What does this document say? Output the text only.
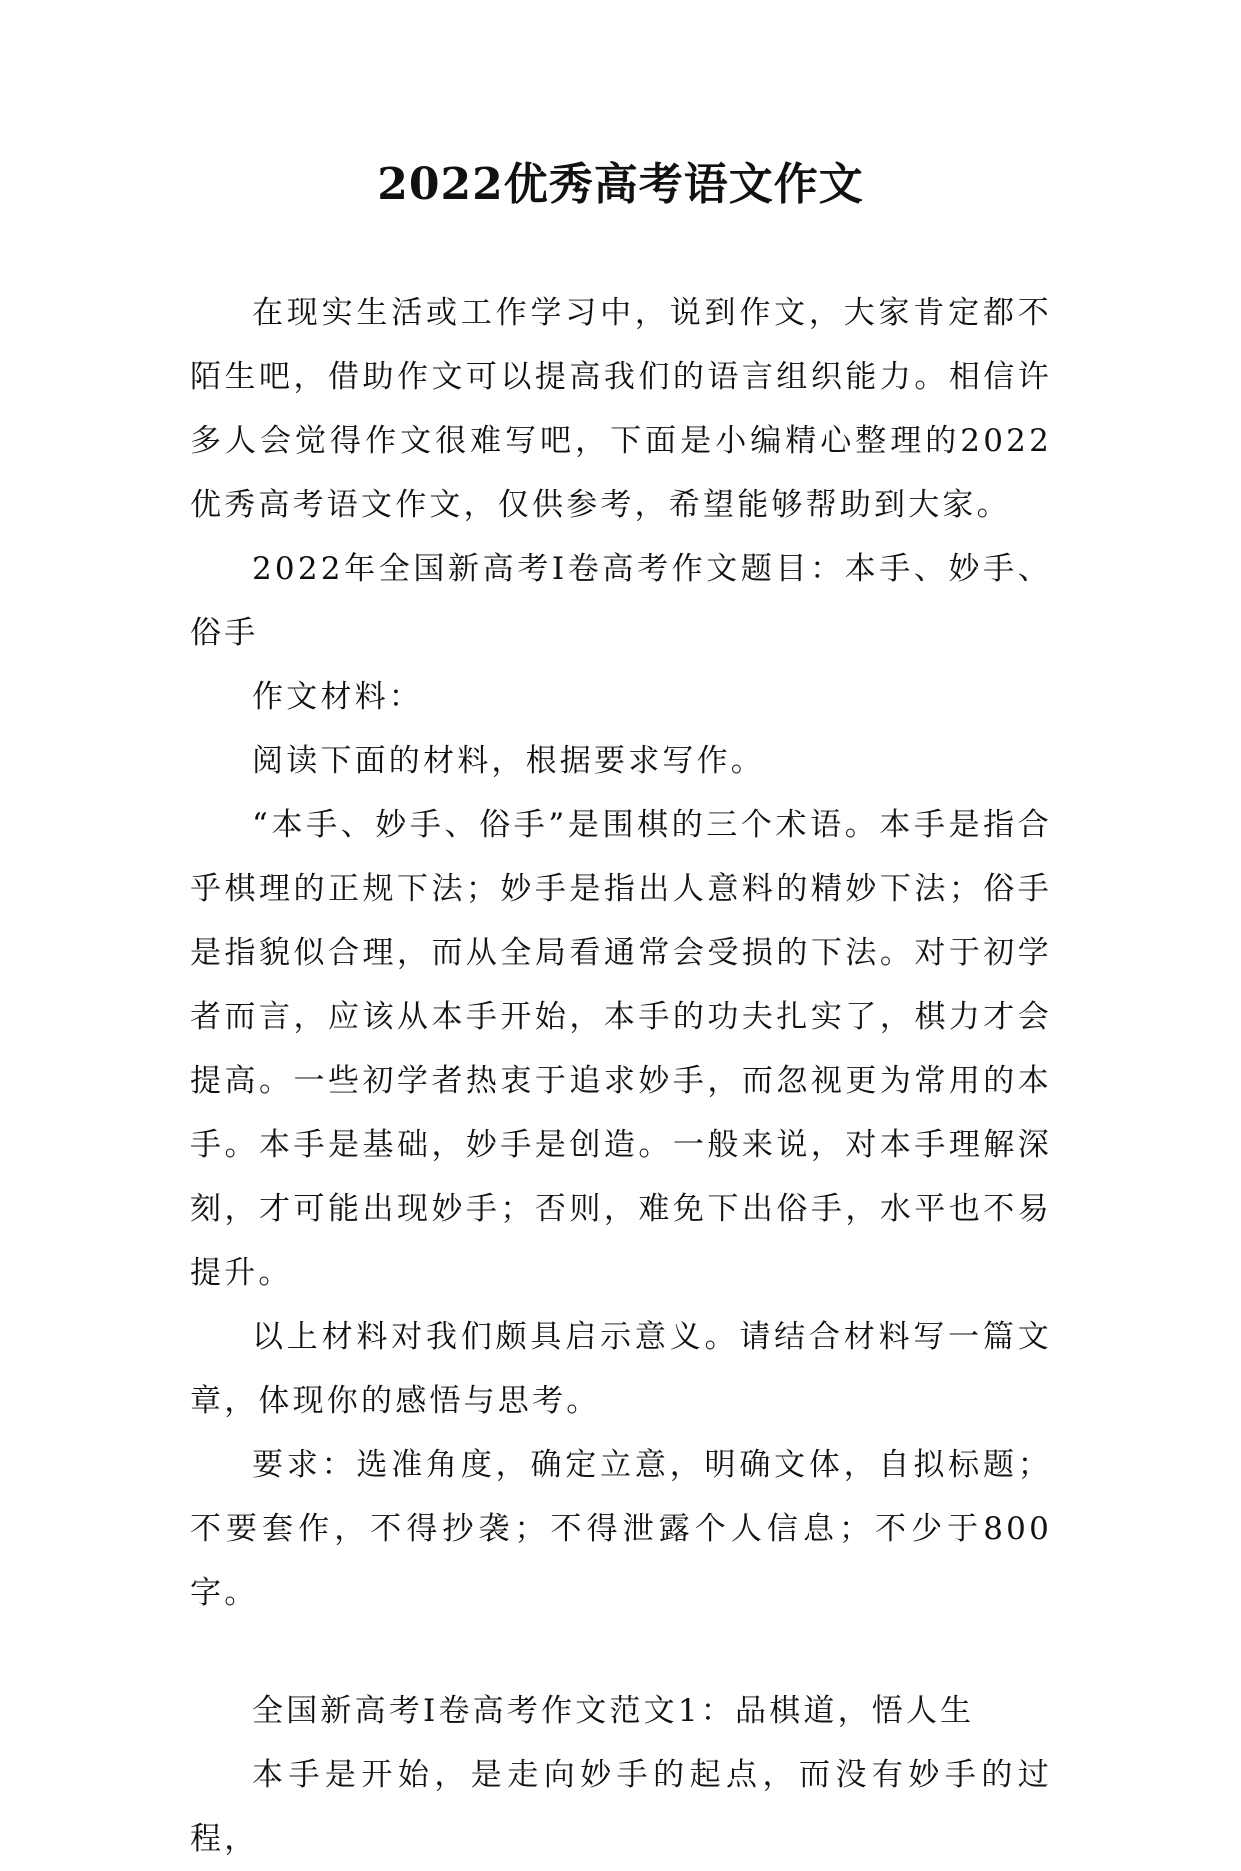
2022优秀高考语文作文

在现实生活或工作学习中，说到作文，大家肯定都不陌生吧，借助作文可以提高我们的语言组织能力。相信许多人会觉得作文很难写吧，下面是小编精心整理的2022优秀高考语文作文，仅供参考，希望能够帮助到大家。

2022年全国新高考Ⅰ卷高考作文题目：本手、妙手、俗手

作文材料：

阅读下面的材料，根据要求写作。

“本手、妙手、俗手”是围棋的三个术语。本手是指合乎棋理的正规下法；妙手是指出人意料的精妙下法；俗手是指貌似合理，而从全局看通常会受损的下法。对于初学者而言，应该从本手开始，本手的功夫扎实了，棋力才会提高。一些初学者热衷于追求妙手，而忽视更为常用的本手。本手是基础，妙手是创造。一般来说，对本手理解深刻，才可能出现妙手；否则，难免下出俗手，水平也不易提升。

以上材料对我们颇具启示意义。请结合材料写一篇文章，体现你的感悟与思考。

要求：选准角度，确定立意，明确文体，自拟标题；不要套作，不得抄袭；不得泄露个人信息；不少于800字。

全国新高考Ⅰ卷高考作文范文1：品棋道，悟人生

本手是开始，是走向妙手的起点，而没有妙手的过程，
